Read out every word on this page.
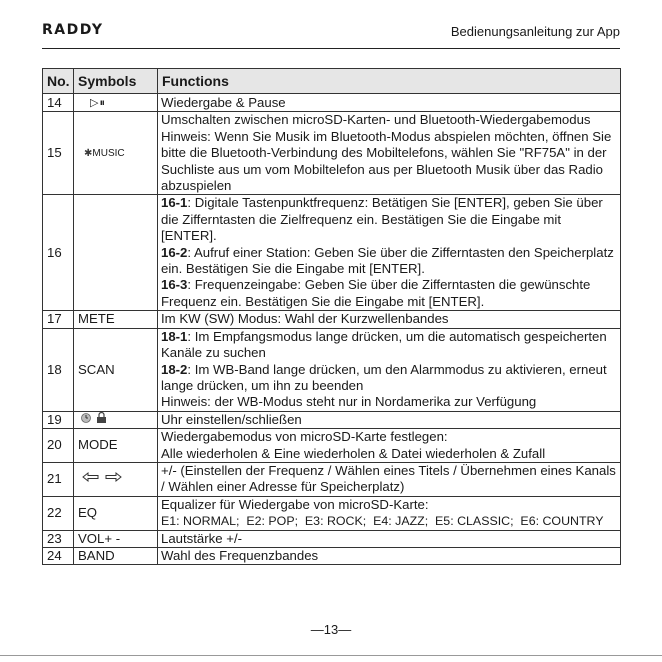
RADDY	Bedienungsanleitung zur App
No.	Symbols	Functions
14	▷⏸	Wiedergabe & Pause

15	✱MUSIC	Umschalten zwischen microSD-Karten- und Bluetooth-Wiedergabemodus
Hinweis: Wenn Sie Musik im Bluetooth-Modus abspielen möchten, öffnen Sie bitte die Bluetooth-Verbindung des Mobiltelefons, wählen Sie "RF75A" in der Suchliste aus um vom Mobiltelefon aus per Bluetooth Musik über das Radio abzuspielen

16		16-1: Digitale Tastenpunktfrequenz: Betätigen Sie [ENTER], geben Sie über die Zifferntasten die Zielfrequenz ein. Bestätigen Sie die Eingabe mit [ENTER].
16-2: Aufruf einer Station: Geben Sie über die Zifferntasten den Speicherplatz ein. Bestätigen Sie die Eingabe mit [ENTER].
16-3: Frequenzeingabe: Geben Sie über die Zifferntasten die gewünschte Frequenz ein. Bestätigen Sie die Eingabe mit [ENTER].

17	METE	Im KW (SW) Modus: Wahl der Kurzwellenbandes

18	SCAN	18-1: Im Empfangsmodus lange drücken, um die automatisch gespeicherten Kanäle zu suchen
18-2: Im WB-Band lange drücken, um den Alarmmodus zu aktivieren, erneut lange drücken, um ihn zu beenden
Hinweis: der WB-Modus steht nur in Nordamerika zur Verfügung

19		Uhr einstellen/schließen

20	MODE	Wiedergabemodus von microSD-Karte festlegen:
Alle wiederholen & Eine wiederholen & Datei wiederholen & Zufall

21		+/- (Einstellen der Frequenz / Wählen eines Titels / Übernehmen eines Kanals / Wählen einer Adresse für Speicherplatz)

22	EQ	Equalizer für Wiedergabe von microSD-Karte:
E1: NORMAL;  E2: POP;  E3: ROCK;  E4: JAZZ;  E5: CLASSIC;  E6: COUNTRY

23	VOL+ -	Lautstärke +/-

24	BAND	Wahl des Frequenzbandes
—13—
